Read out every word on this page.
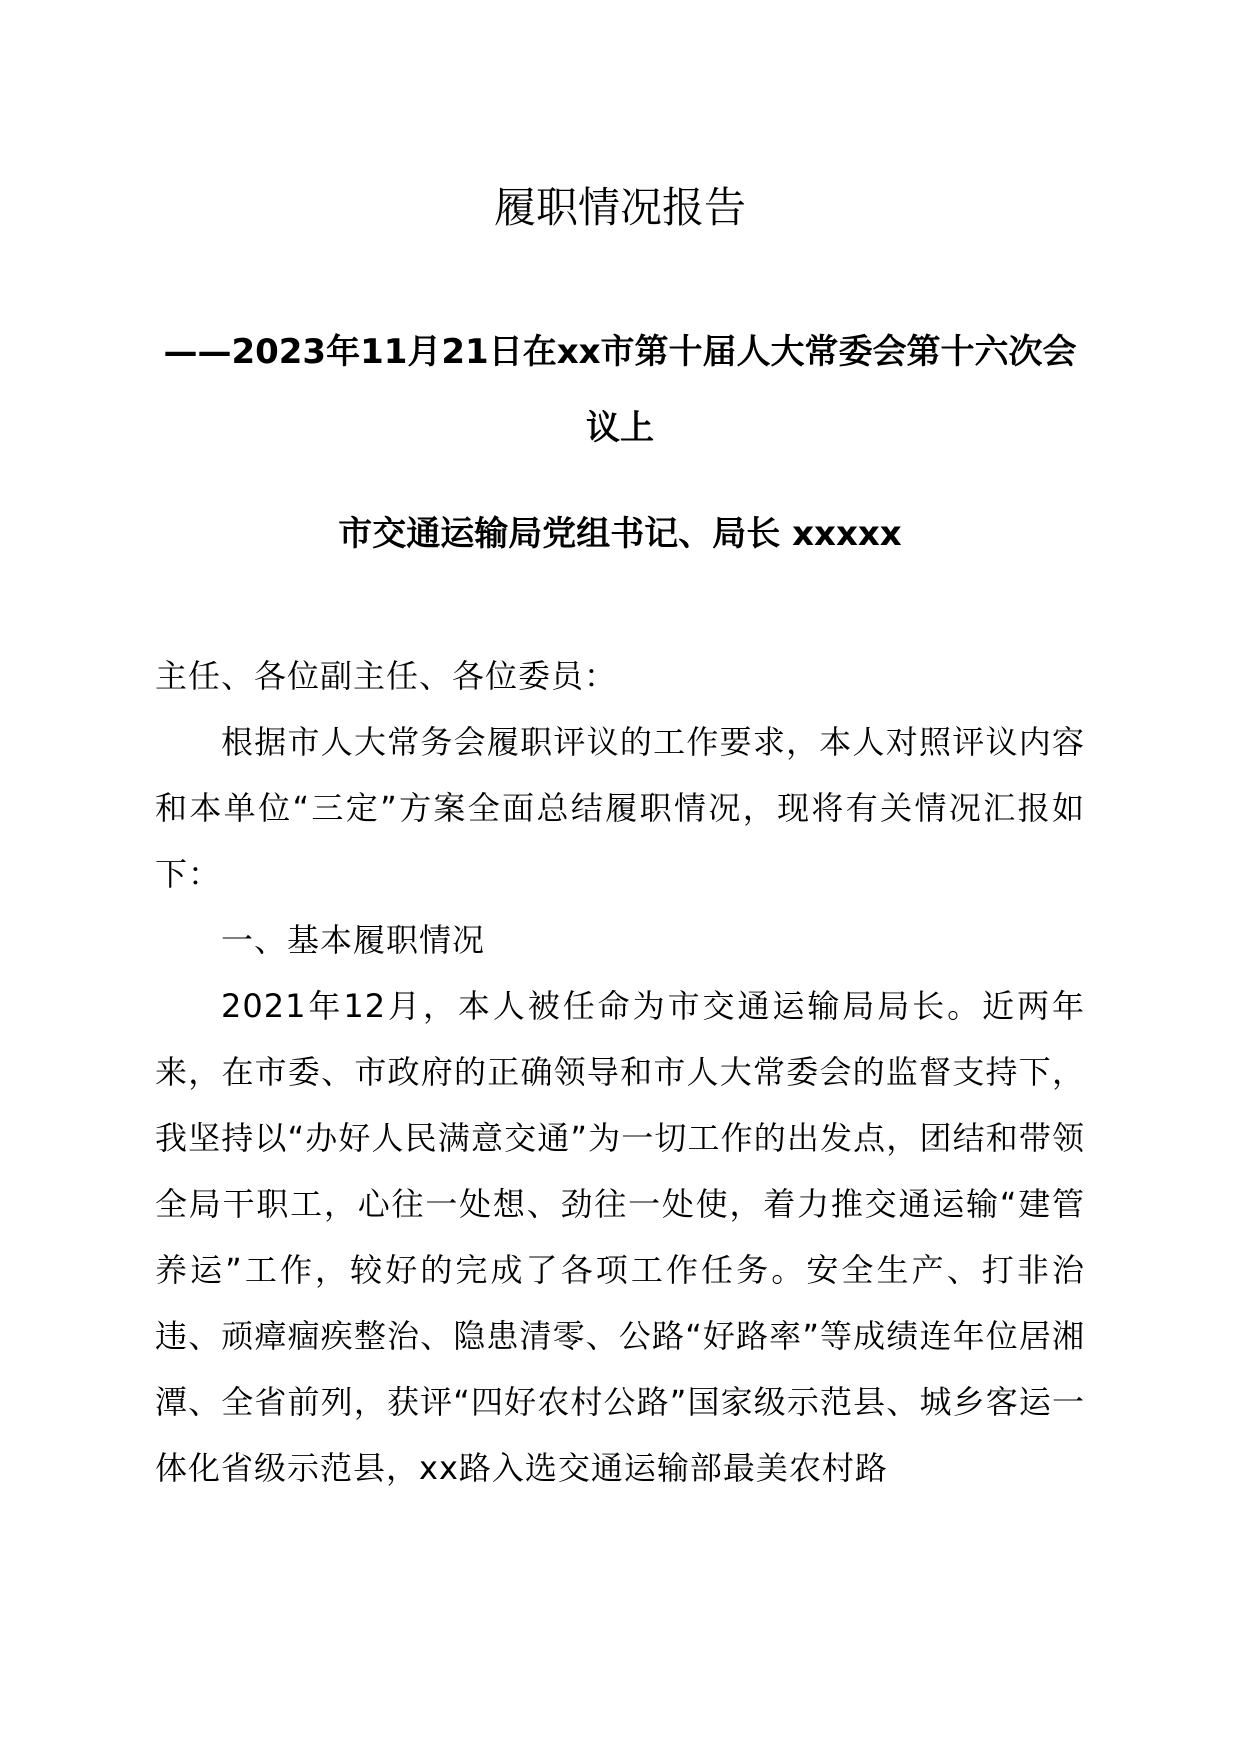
履职情况报告
——2023年11月21日在xx市第十届人大常委会第十六次会议上
市交通运输局党组书记、局长 xxxxx

主任、各位副主任、各位委员：

根据市人大常务会履职评议的工作要求，本人对照评议内容和本单位“三定”方案全面总结履职情况，现将有关情况汇报如下：

一、基本履职情况

2021年12月，本人被任命为市交通运输局局长。近两年来，在市委、市政府的正确领导和市人大常委会的监督支持下，我坚持以“办好人民满意交通”为一切工作的出发点，团结和带领全局干职工，心往一处想、劲往一处使，着力推交通运输“建管养运”工作，较好的完成了各项工作任务。安全生产、打非治违、顽瘴痼疾整治、隐患清零、公路“好路率”等成绩连年位居湘潭、全省前列，获评“四好农村公路”国家级示范县、城乡客运一体化省级示范县，xx路入选交通运输部最美农村路
